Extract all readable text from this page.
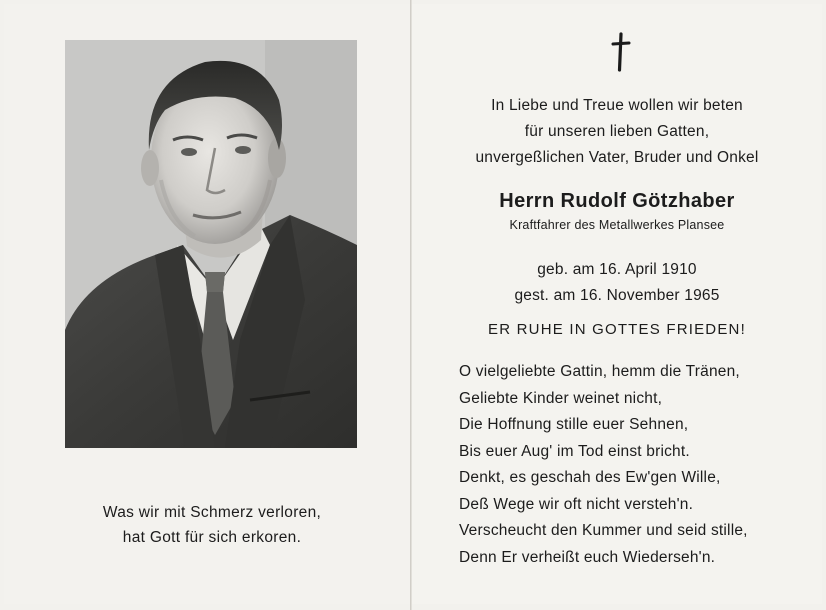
Was wir mit Schmerz verloren,
hat Gott für sich erkoren.
In Liebe und Treue wollen wir beten
für unseren lieben Gatten,
unvergeßlichen Vater, Bruder und Onkel
Herrn Rudolf Götzhaber
Kraftfahrer des Metallwerkes Plansee
geb. am 16. April 1910
gest. am 16. November 1965
ER RUHE IN GOTTES FRIEDEN!
O vielgeliebte Gattin, hemm die Tränen,
Geliebte Kinder weinet nicht,
Die Hoffnung stille euer Sehnen,
Bis euer Aug' im Tod einst bricht.
Denkt, es geschah des Ew'gen Wille,
Deß Wege wir oft nicht versteh'n.
Verscheucht den Kummer und seid stille,
Denn Er verheißt euch Wiederseh'n.
